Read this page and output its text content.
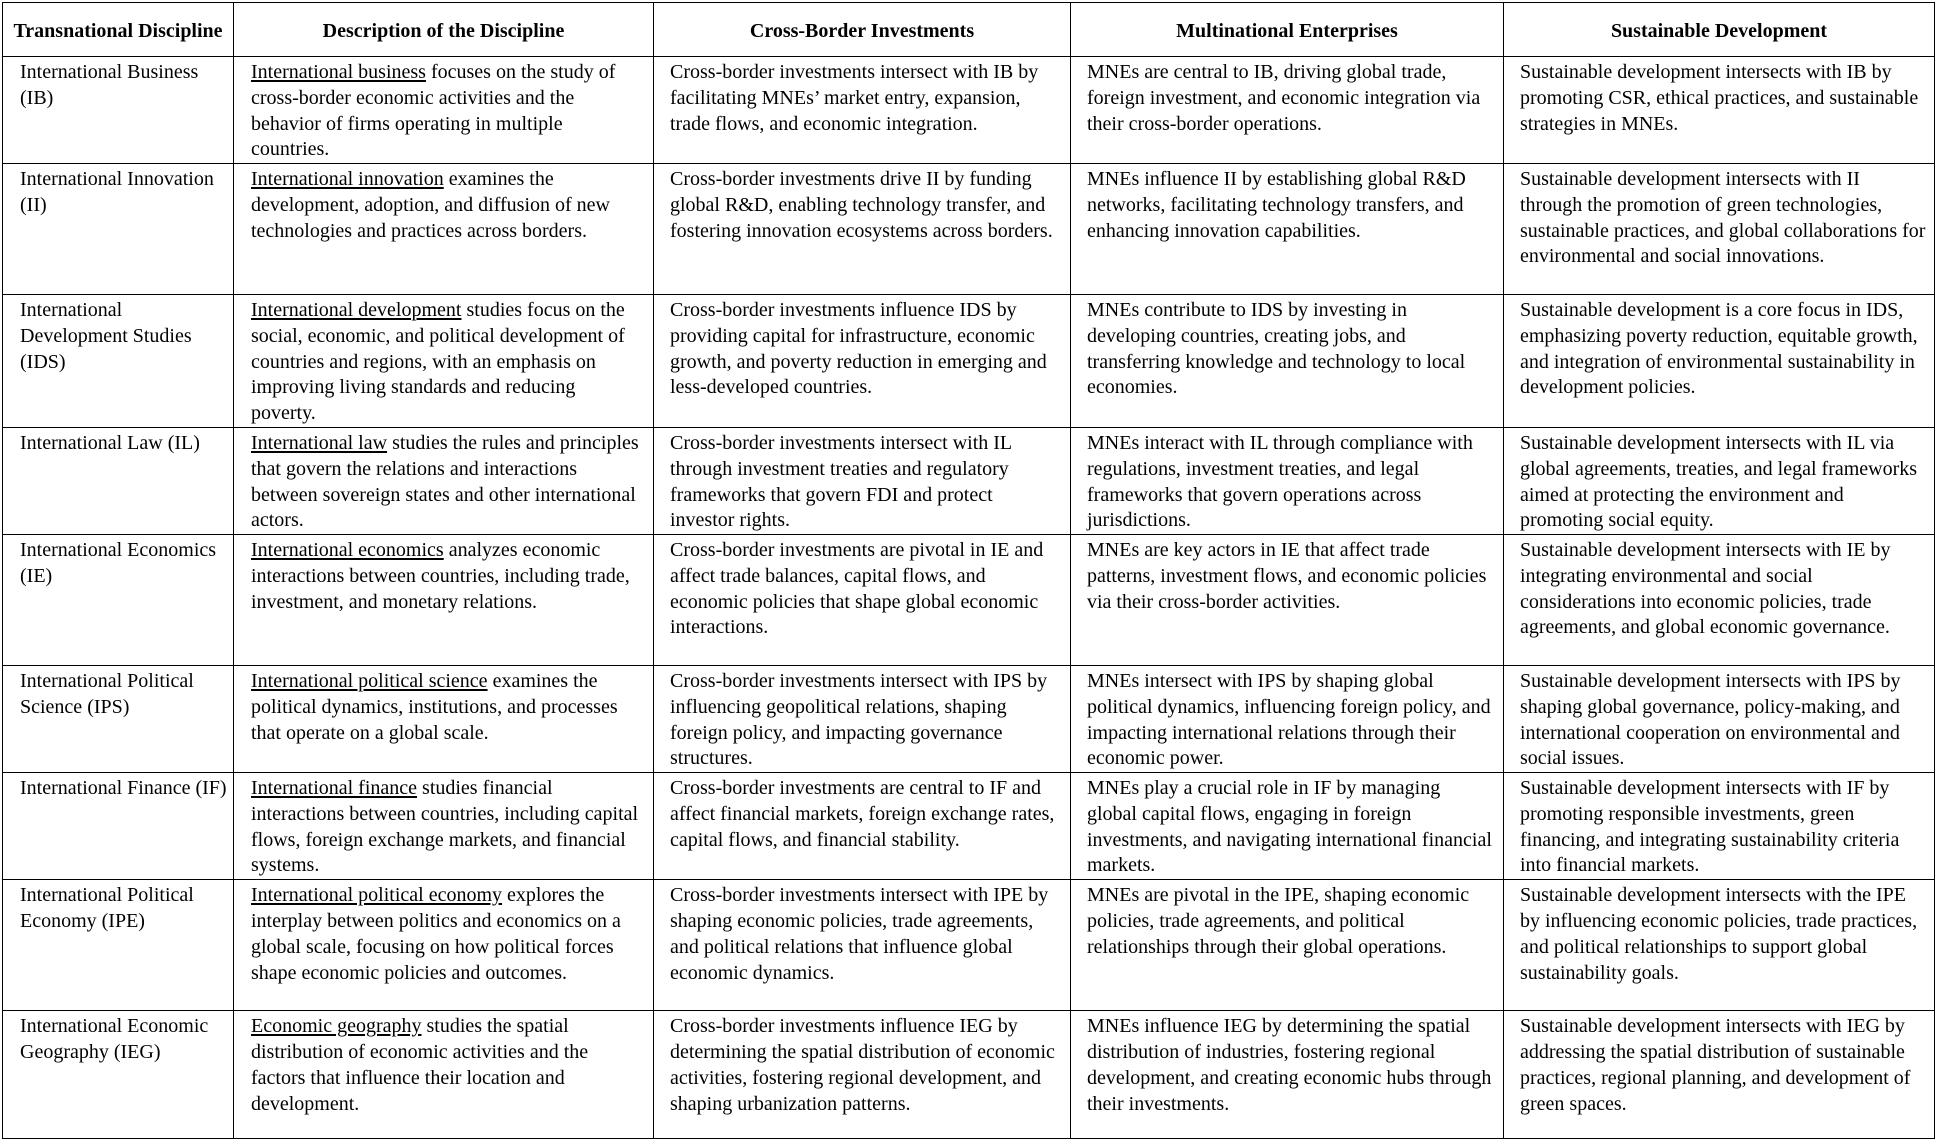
Transnational Discipline	Description of the Discipline	Cross-Border Investments	Multinational Enterprises	Sustainable Development

International Business (IB)	International business focuses on the study of cross-border economic activities and the behavior of firms operating in multiple countries.	Cross-border investments intersect with IB by facilitating MNEs’ market entry, expansion, trade flows, and economic integration.	MNEs are central to IB, driving global trade, foreign investment, and economic integration via their cross-border operations.	Sustainable development intersects with IB by promoting CSR, ethical practices, and sustainable strategies in MNEs.

International Innovation (II)	International innovation examines the development, adoption, and diffusion of new technologies and practices across borders.	Cross-border investments drive II by funding global R&D, enabling technology transfer, and fostering innovation ecosystems across borders.	MNEs influence II by establishing global R&D networks, facilitating technology transfers, and enhancing innovation capabilities.	Sustainable development intersects with II through the promotion of green technologies, sustainable practices, and global collaborations for environmental and social innovations.

International Development Studies (IDS)	International development studies focus on the social, economic, and political development of countries and regions, with an emphasis on improving living standards and reducing poverty.	Cross-border investments influence IDS by providing capital for infrastructure, economic growth, and poverty reduction in emerging and less-developed countries.	MNEs contribute to IDS by investing in developing countries, creating jobs, and transferring knowledge and technology to local economies.	Sustainable development is a core focus in IDS, emphasizing poverty reduction, equitable growth, and integration of environmental sustainability in development policies.

International Law (IL)	International law studies the rules and principles that govern the relations and interactions between sovereign states and other international actors.	Cross-border investments intersect with IL through investment treaties and regulatory frameworks that govern FDI and protect investor rights.	MNEs interact with IL through compliance with regulations, investment treaties, and legal frameworks that govern operations across jurisdictions.	Sustainable development intersects with IL via global agreements, treaties, and legal frameworks aimed at protecting the environment and promoting social equity.

International Economics (IE)	International economics analyzes economic interactions between countries, including trade, investment, and monetary relations.	Cross-border investments are pivotal in IE and affect trade balances, capital flows, and economic policies that shape global economic interactions.	MNEs are key actors in IE that affect trade patterns, investment flows, and economic policies via their cross-border activities.	Sustainable development intersects with IE by integrating environmental and social considerations into economic policies, trade agreements, and global economic governance.

International Political Science (IPS)	International political science examines the political dynamics, institutions, and processes that operate on a global scale.	Cross-border investments intersect with IPS by influencing geopolitical relations, shaping foreign policy, and impacting governance structures.	MNEs intersect with IPS by shaping global political dynamics, influencing foreign policy, and impacting international relations through their economic power.	Sustainable development intersects with IPS by shaping global governance, policy-making, and international cooperation on environmental and social issues.

International Finance (IF)	International finance studies financial interactions between countries, including capital flows, foreign exchange markets, and financial systems.	Cross-border investments are central to IF and affect financial markets, foreign exchange rates, capital flows, and financial stability.	MNEs play a crucial role in IF by managing global capital flows, engaging in foreign investments, and navigating international financial markets.	Sustainable development intersects with IF by promoting responsible investments, green financing, and integrating sustainability criteria into financial markets.

International Political Economy (IPE)	International political economy explores the interplay between politics and economics on a global scale, focusing on how political forces shape economic policies and outcomes.	Cross-border investments intersect with IPE by shaping economic policies, trade agreements, and political relations that influence global economic dynamics.	MNEs are pivotal in the IPE, shaping economic policies, trade agreements, and political relationships through their global operations.	Sustainable development intersects with the IPE by influencing economic policies, trade practices, and political relationships to support global sustainability goals.

International Economic Geography (IEG)	Economic geography studies the spatial distribution of economic activities and the factors that influence their location and development.	Cross-border investments influence IEG by determining the spatial distribution of economic activities, fostering regional development, and shaping urbanization patterns.	MNEs influence IEG by determining the spatial distribution of industries, fostering regional development, and creating economic hubs through their investments.	Sustainable development intersects with IEG by addressing the spatial distribution of sustainable practices, regional planning, and development of green spaces.
